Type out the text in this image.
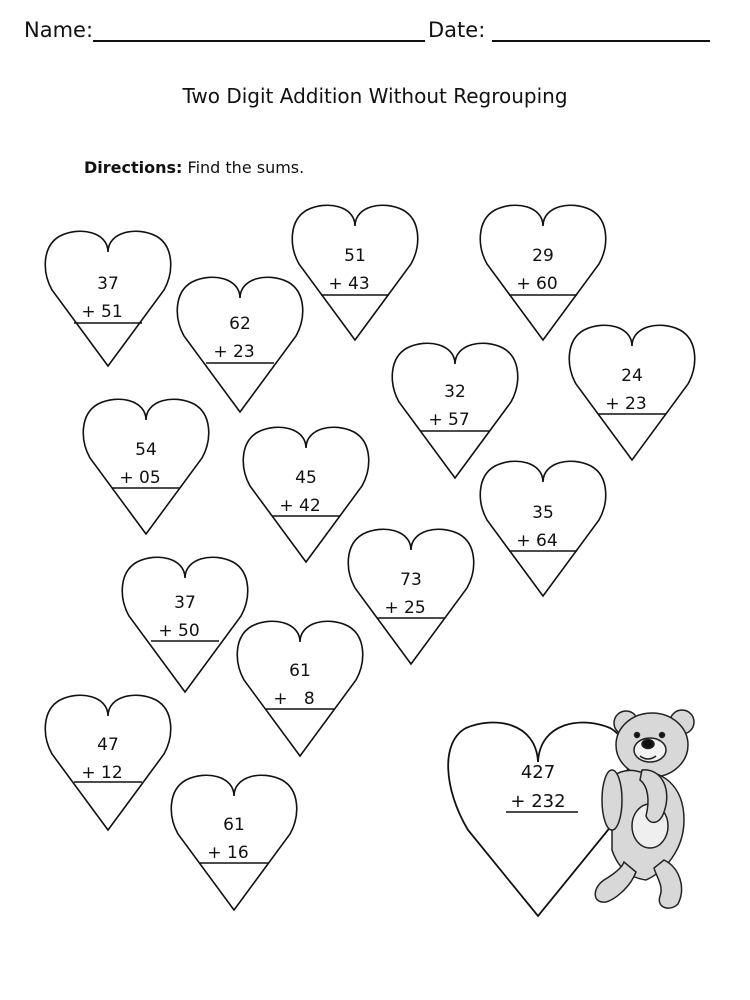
Name:	Date:
Two Digit Addition Without Regrouping
Directions: Find the sums.
37
+ 51
62
+ 23
51
+ 43
29
+ 60
32
+ 57
24
+ 23
54
+ 05	45
+ 42	35
+ 64
73
+ 25
37
+ 50
61
+   8
47
+ 12
61
+ 16
427
+ 232
